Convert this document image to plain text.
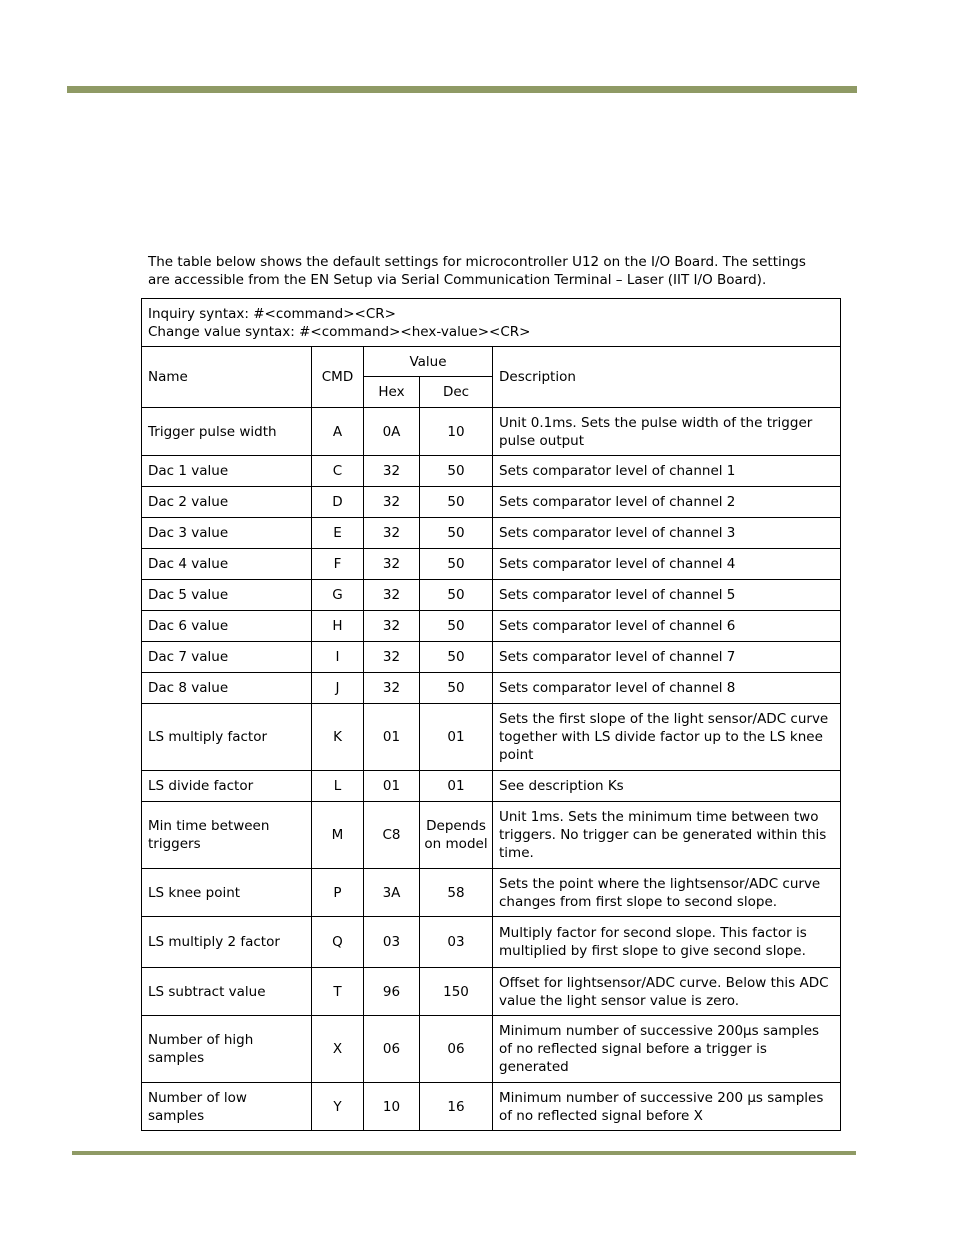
The table below shows the default settings for microcontroller U12 on the I/O Board. The settings
are accessible from the EN Setup via Serial Communication Terminal – Laser (IIT I/O Board).
Inquiry syntax: #<command><CR>
Change value syntax: #<command><hex-value><CR>				

Name	CMD	Value		Description
		Hex	Dec	
Trigger pulse width	A	0A	10	Unit 0.1ms. Sets the pulse width of the trigger pulse output
Dac 1 value	C	32	50	Sets comparator level of channel 1
Dac 2 value	D	32	50	Sets comparator level of channel 2
Dac 3 value	E	32	50	Sets comparator level of channel 3
Dac 4 value	F	32	50	Sets comparator level of channel 4
Dac 5 value	G	32	50	Sets comparator level of channel 5
Dac 6 value	H	32	50	Sets comparator level of channel 6
Dac 7 value	I	32	50	Sets comparator level of channel 7
Dac 8 value	J	32	50	Sets comparator level of channel 8
LS multiply factor	K	01	01	Sets the first slope of the light sensor/ADC curve together with LS divide factor up to the LS knee point
LS divide factor	L	01	01	See description Ks
Min time between triggers	M	C8	Depends on model	Unit 1ms. Sets the minimum time between two triggers. No trigger can be generated within this time.
LS knee point	P	3A	58	Sets the point where the lightsensor/ADC curve changes from first slope to second slope.
LS multiply 2 factor	Q	03	03	Multiply factor for second slope. This factor is multiplied by first slope to give second slope.
LS subtract value	T	96	150	Offset for lightsensor/ADC curve. Below this ADC value the light sensor value is zero.
Number of high samples	X	06	06	Minimum number of successive 200µs samples of no reflected signal before a trigger is generated
Number of low samples	Y	10	16	Minimum number of successive 200 µs samples of no reflected signal before X
